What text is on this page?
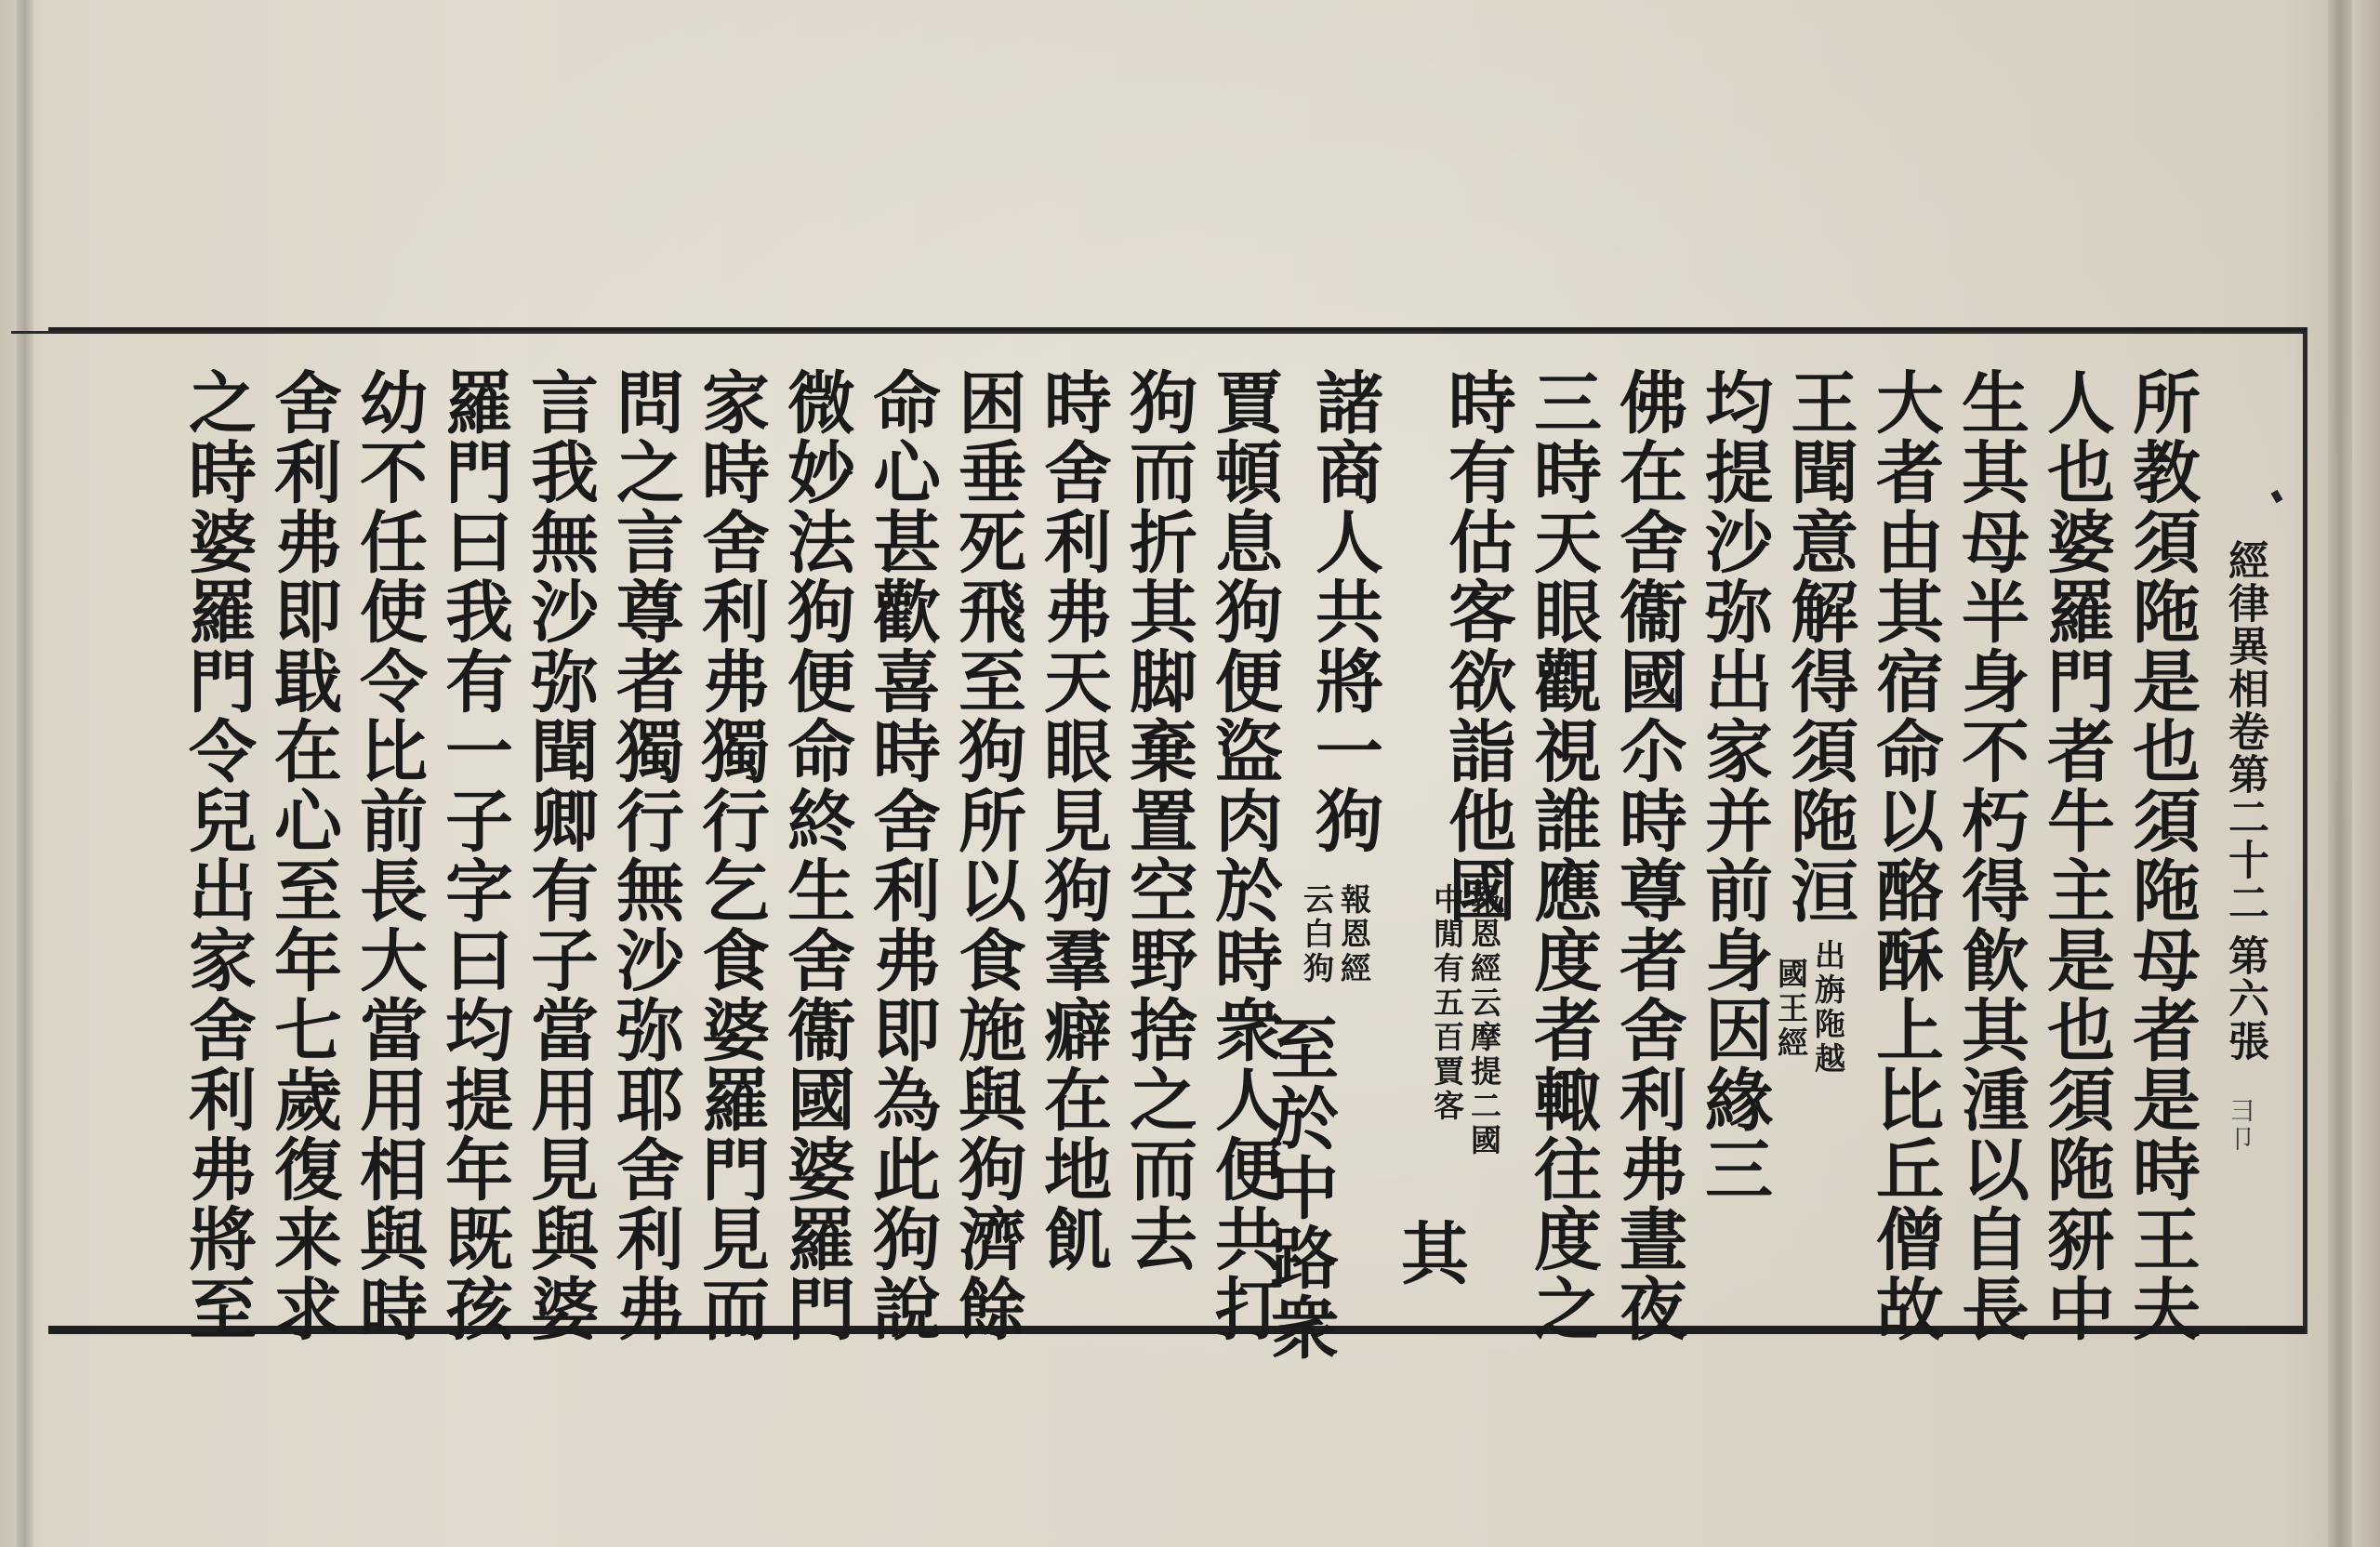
經律異相卷第二十二
第六張
⺕⼙
所教須陁是也須陁母者是時王夫
人也婆羅門者牛主是也須陁豜中
生其母半身不朽得飮其湩以自長
大者由其宿命以酪酥上比丘僧故
王聞意解得須陁洹
出旃陁越
國王經
均提沙弥出家并前身因緣三
佛在舍衞國尒時尊者舍利弗晝夜
三時天眼觀視誰應度者輙往度之
時有估客欲詣他國
報恩經云摩提二國
中閒有五百賈客
其
諸商人共將一狗
報恩經
云白狗
至於中路衆
賈頓息狗便盜肉於時衆人便共打
狗而折其脚棄置空野捨之而去
時舍利弗天眼見狗羣癖在地飢
困垂死飛至狗所以食施與狗濟餘
命心甚歡喜時舍利弗即為此狗說
微妙法狗便命終生舍衞國婆羅門
家時舍利弗獨行乞食婆羅門見而
問之言尊者獨行無沙弥耶舍利弗
言我無沙弥聞卿有子當用見與婆
羅門曰我有一子字曰均提年既孩
幼不任使令比前長大當用相與時
舍利弗即戢在心至年七歲復来求
之時婆羅門令兒出家舍利弗將至
